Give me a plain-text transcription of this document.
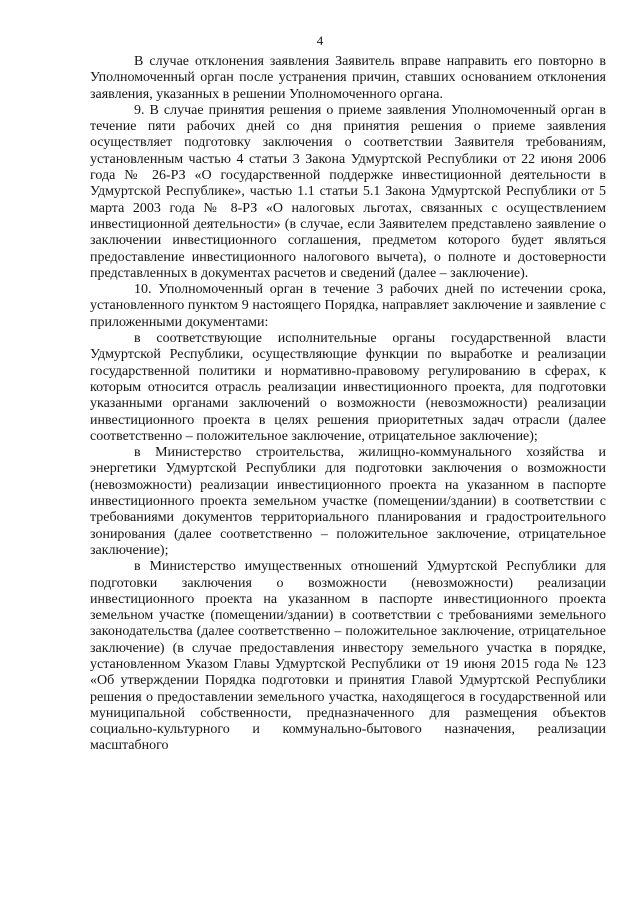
4

В случае отклонения заявления Заявитель вправе направить его повторно в Уполномоченный орган после устранения причин, ставших основанием отклонения заявления, указанных в решении Уполномоченного органа.

9. В случае принятия решения о приеме заявления Уполномоченный орган в течение пяти рабочих дней со дня принятия решения о приеме заявления осуществляет подготовку заключения о соответствии Заявителя требованиям, установленным частью 4 статьи 3 Закона Удмуртской Республики от 22 июня 2006 года № 26-РЗ «О государственной поддержке инвестиционной деятельности в Удмуртской Республике», частью 1.1 статьи 5.1 Закона Удмуртской Республики от 5 марта 2003 года № 8-РЗ «О налоговых льготах, связанных с осуществлением инвестиционной деятельности» (в случае, если Заявителем представлено заявление о заключении инвестиционного соглашения, предметом которого будет являться предоставление инвестиционного налогового вычета), о полноте и достоверности представленных в документах расчетов и сведений (далее – заключение).

10. Уполномоченный орган в течение 3 рабочих дней по истечении срока, установленного пунктом 9 настоящего Порядка, направляет заключение и заявление с приложенными документами:

в соответствующие исполнительные органы государственной власти Удмуртской Республики, осуществляющие функции по выработке и реализации государственной политики и нормативно-правовому регулированию в сферах, к которым относится отрасль реализации инвестиционного проекта, для подготовки указанными органами заключений о возможности (невозможности) реализации инвестиционного проекта в целях решения приоритетных задач отрасли (далее соответственно – положительное заключение, отрицательное заключение);

в Министерство строительства, жилищно-коммунального хозяйства и энергетики Удмуртской Республики для подготовки заключения о возможности (невозможности) реализации инвестиционного проекта на указанном в паспорте инвестиционного проекта земельном участке (помещении/здании) в соответствии с требованиями документов территориального планирования и градостроительного зонирования (далее соответственно – положительное заключение, отрицательное заключение);

в Министерство имущественных отношений Удмуртской Республики для подготовки заключения о возможности (невозможности) реализации инвестиционного проекта на указанном в паспорте инвестиционного проекта земельном участке (помещении/здании) в соответствии с требованиями земельного законодательства (далее соответственно – положительное заключение, отрицательное заключение) (в случае предоставления инвестору земельного участка в порядке, установленном Указом Главы Удмуртской Республики от 19 июня 2015 года № 123 «Об утверждении Порядка подготовки и принятия Главой Удмуртской Республики решения о предоставлении земельного участка, находящегося в государственной или муниципальной собственности, предназначенного для размещения объектов социально-культурного и коммунально-бытового назначения, реализации масштабного
